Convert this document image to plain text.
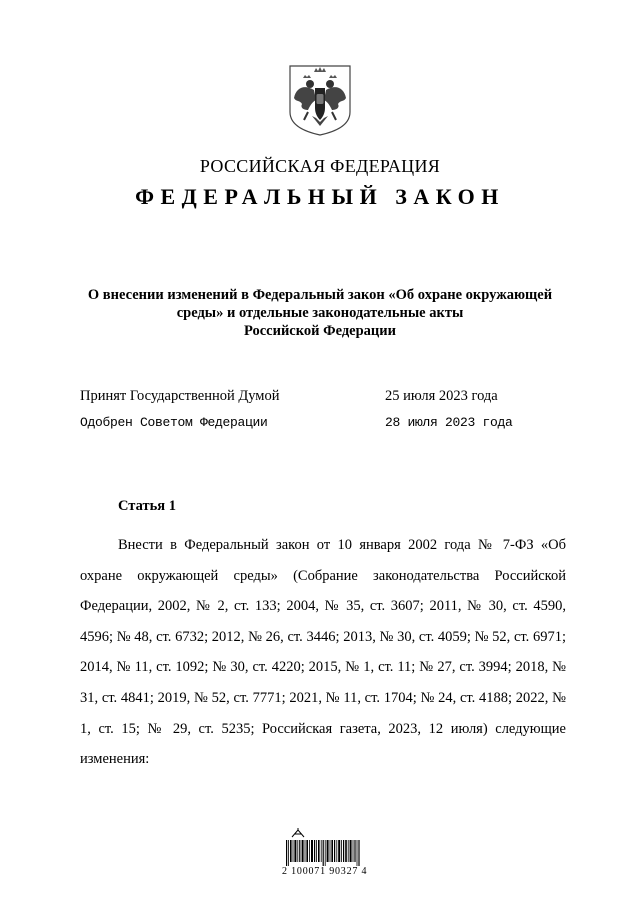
РОССИЙСКАЯ ФЕДЕРАЦИЯ
ФЕДЕРАЛЬНЫЙ ЗАКОН
О внесении изменений в Федеральный закон «Об охране окружающей
среды» и отдельные законодательные акты
Российской Федерации
Принят Государственной Думой	25 июля 2023 года
Одобрен Советом Федерации	28 июля 2023 года
Статья 1

Внести в Федеральный закон от 10 января 2002 года № 7-ФЗ «Об охране окружающей среды» (Собрание законодательства Российской Федерации, 2002, № 2, ст. 133; 2004, № 35, ст. 3607; 2011, № 30, ст. 4590, 4596; № 48, ст. 6732; 2012, № 26, ст. 3446; 2013, № 30, ст. 4059; № 52, ст. 6971; 2014, № 11, ст. 1092; № 30, ст. 4220; 2015, № 1, ст. 11; № 27, ст. 3994; 2018, № 31, ст. 4841; 2019, № 52, ст. 7771; 2021, № 11, ст. 1704; № 24, ст. 4188; 2022, № 1, ст. 15; № 29, ст. 5235; Российская газета, 2023, 12 июля) следующие изменения:

2 100071 90327 4
